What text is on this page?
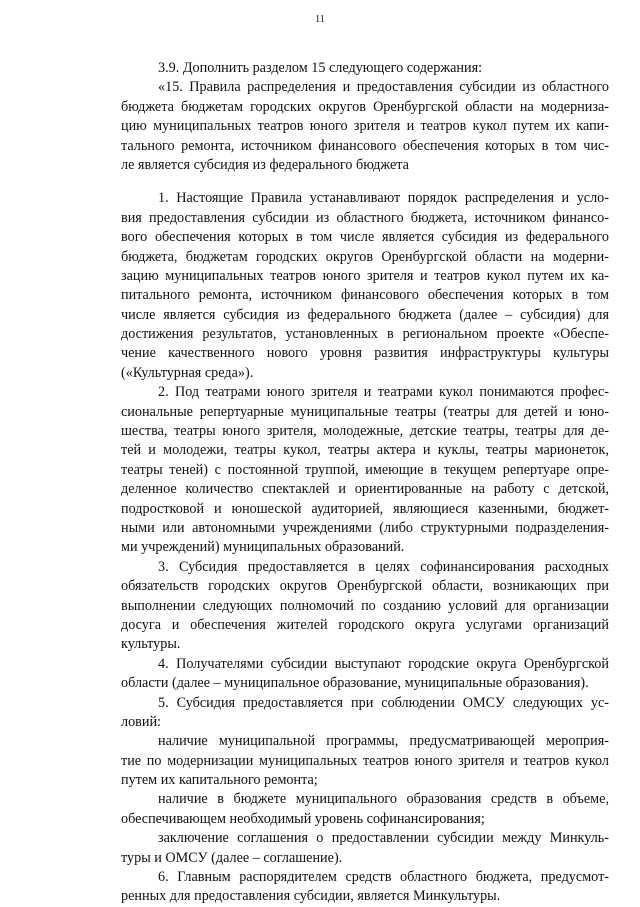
11

3.9. Дополнить разделом 15 следующего содержания:
«15. Правила распределения и предоставления субсидии из областного
бюджета бюджетам городских округов Оренбургской области на модерниза-
цию муниципальных театров юного зрителя и театров кукол путем их капи-
тального ремонта, источником финансового обеспечения которых в том чис-
ле является субсидия из федерального бюджета

1. Настоящие Правила устанавливают порядок распределения и усло-
вия предоставления субсидии из областного бюджета, источником финансо-
вого обеспечения которых в том числе является субсидия из федерального
бюджета, бюджетам городских округов Оренбургской области на модерни-
зацию муниципальных театров юного зрителя и театров кукол путем их ка-
питального ремонта, источником финансового обеспечения которых в том
числе является субсидия из федерального бюджета (далее – субсидия) для
достижения результатов, установленных в региональном проекте «Обеспе-
чение качественного нового уровня развития инфраструктуры культуры
(«Культурная среда»).

2. Под театрами юного зрителя и театрами кукол понимаются профес-
сиональные репертуарные муниципальные театры (театры для детей и юно-
шества, театры юного зрителя, молодежные, детские театры, театры для де-
тей и молодежи, театры кукол, театры актера и куклы, театры марионеток,
театры теней) с постоянной труппой, имеющие в текущем репертуаре опре-
деленное количество спектаклей и ориентированные на работу с детской,
подростковой и юношеской аудиторией, являющиеся казенными, бюджет-
ными или автономными учреждениями (либо структурными подразделения-
ми учреждений) муниципальных образований.

3. Субсидия предоставляется в целях софинансирования расходных
обязательств городских округов Оренбургской области, возникающих при
выполнении следующих полномочий по созданию условий для организации
досуга и обеспечения жителей городского округа услугами организаций
культуры.

4. Получателями субсидии выступают городские округа Оренбургской
области (далее – муниципальное образование, муниципальные образования).

5. Субсидия предоставляется при соблюдении ОМСУ следующих ус-
ловий:

наличие муниципальной программы, предусматривающей мероприя-
тие по модернизации муниципальных театров юного зрителя и театров кукол
путем их капитального ремонта;

наличие в бюджете муниципального образования средств в объеме,
обеспечивающем необходимый уровень софинансирования;

заключение соглашения о предоставлении субсидии между Минкуль-
туры и ОМСУ (далее – соглашение).

6. Главным распорядителем средств областного бюджета, предусмот-
ренных для предоставления субсидии, является Минкультуры.
